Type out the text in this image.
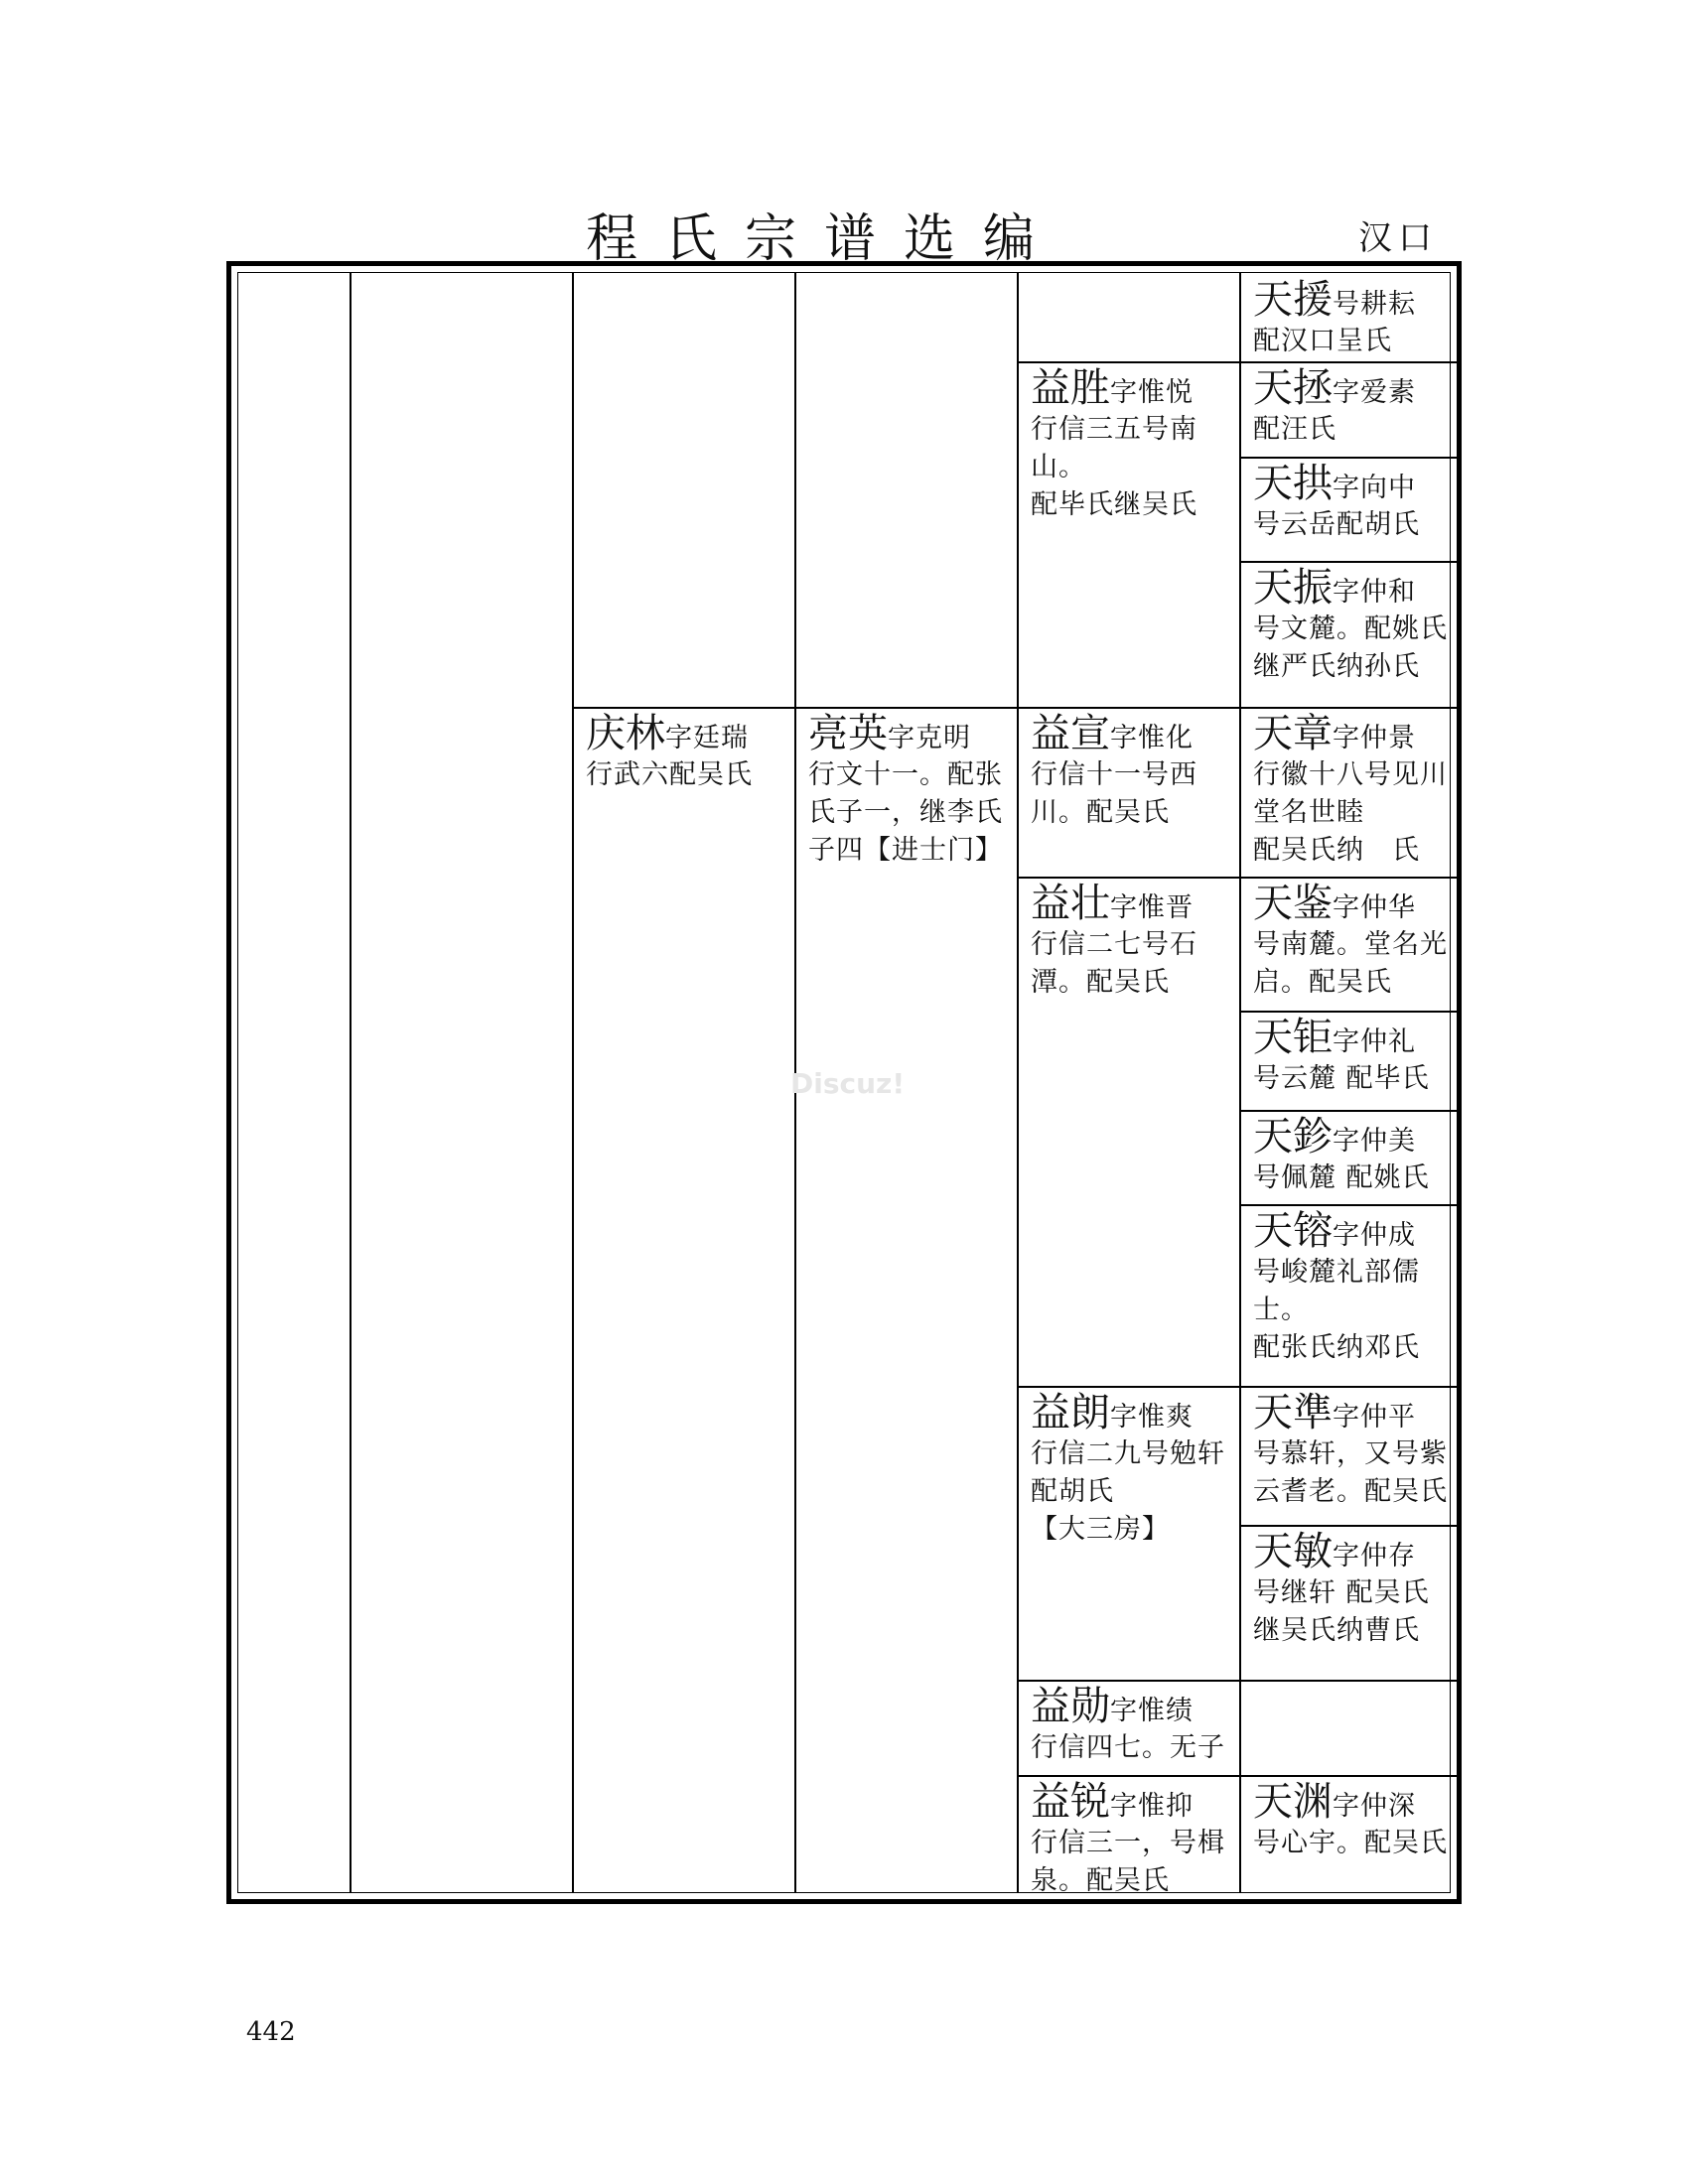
程氏宗谱选编	汉口
庆林字廷瑞
行武六配吴氏
亮英字克明
行文十一。配张氏子一，继李氏子四【进士门】
益胜字惟悦
行信三五号南山。
配毕氏继吴氏
益宣字惟化
行信十一号西川。配吴氏
益壮字惟晋
行信二七号石潭。配吴氏
益朗字惟爽
行信二九号勉轩配胡氏
【大三房】
益勋字惟绩
行信四七。无子
益锐字惟抑
行信三一，号楫泉。配吴氏
天援号耕耘
配汉口呈氏
天拯字爱素
配汪氏
天拱字向中
号云岳配胡氏
天振字仲和
号文麓。配姚氏继严氏纳孙氏
天章字仲景
行徽十八号见川堂名世睦
配吴氏纳　氏
天鉴字仲华
号南麓。堂名光启。配吴氏
天钜字仲礼
号云麓 配毕氏
天鉁字仲美
号佩麓 配姚氏
天镕字仲成
号峻麓礼部儒士。
配张氏纳邓氏
天準字仲平
号慕轩，又号紫云耆老。配吴氏
天敏字仲存
号继轩 配吴氏继吴氏纳曹氏
天渊字仲深
号心宇。配吴氏
Discuz!
442
